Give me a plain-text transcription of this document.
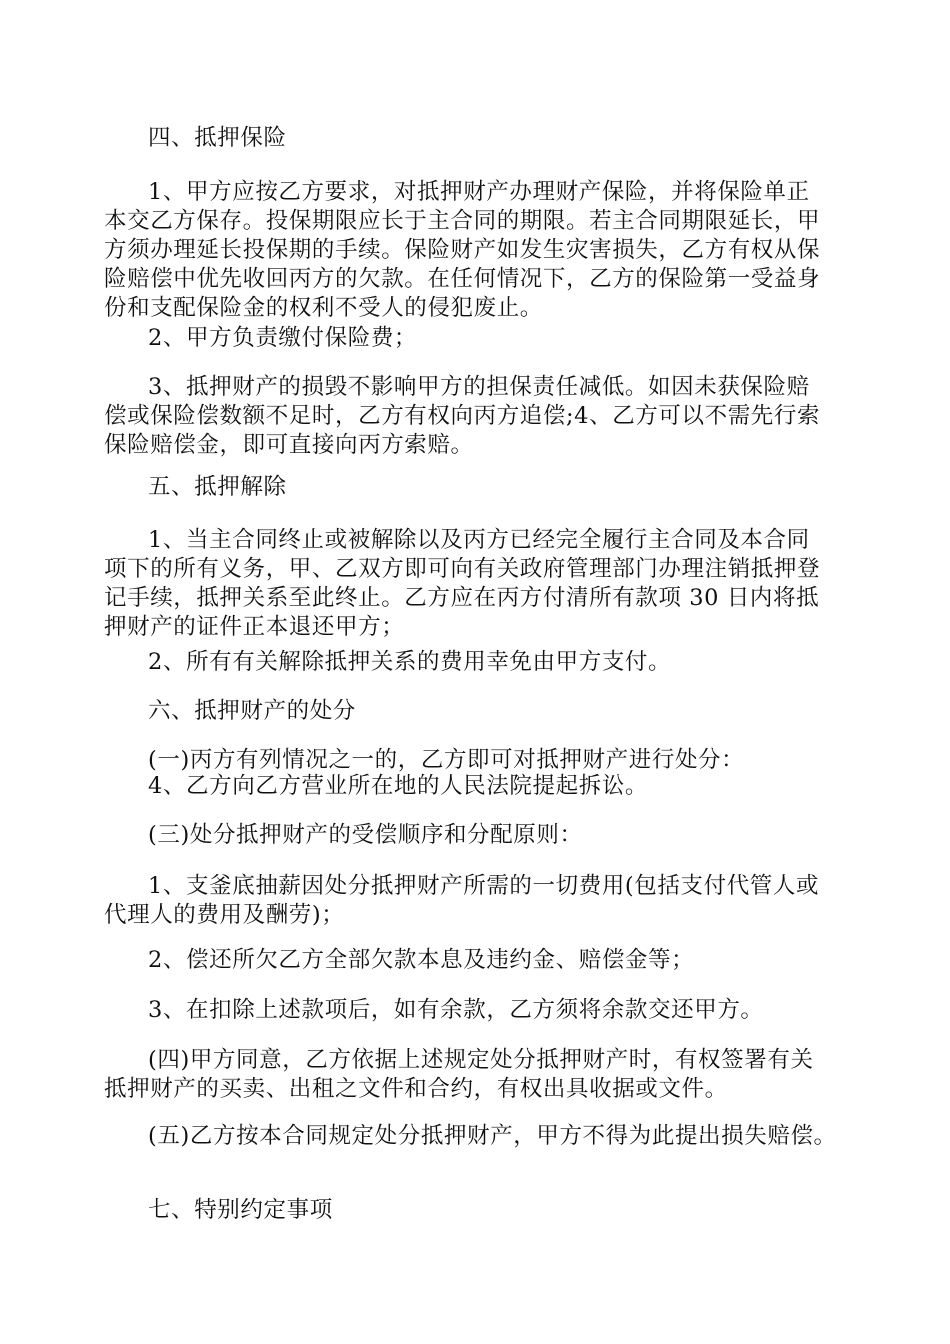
四、抵押保险
1、甲方应按乙方要求，对抵押财产办理财产保险，并将保险单正
本交乙方保存。投保期限应长于主合同的期限。若主合同期限延长，甲
方须办理延长投保期的手续。保险财产如发生灾害损失，乙方有权从保
险赔偿中优先收回丙方的欠款。在任何情况下，乙方的保险第一受益身
份和支配保险金的权利不受人的侵犯废止。
2、甲方负责缴付保险费；
3、抵押财产的损毁不影响甲方的担保责任减低。如因未获保险赔
偿或保险偿数额不足时，乙方有权向丙方追偿;4、乙方可以不需先行索
保险赔偿金，即可直接向丙方索赔。
五、抵押解除
1、当主合同终止或被解除以及丙方已经完全履行主合同及本合同
项下的所有义务，甲、乙双方即可向有关政府管理部门办理注销抵押登
记手续，抵押关系至此终止。乙方应在丙方付清所有款项 30 日内将抵
押财产的证件正本退还甲方；
2、所有有关解除抵押关系的费用幸免由甲方支付。
六、抵押财产的处分
(一)丙方有列情况之一的，乙方即可对抵押财产进行处分：
4、乙方向乙方营业所在地的人民法院提起拆讼。
(三)处分抵押财产的受偿顺序和分配原则：
1、支釜底抽薪因处分抵押财产所需的一切费用(包括支付代管人或
代理人的费用及酬劳)；
2、偿还所欠乙方全部欠款本息及违约金、赔偿金等；
3、在扣除上述款项后，如有余款，乙方须将余款交还甲方。
(四)甲方同意，乙方依据上述规定处分抵押财产时，有权签署有关
抵押财产的买卖、出租之文件和合约，有权出具收据或文件。
(五)乙方按本合同规定处分抵押财产，甲方不得为此提出损失赔偿。
七、特别约定事项
